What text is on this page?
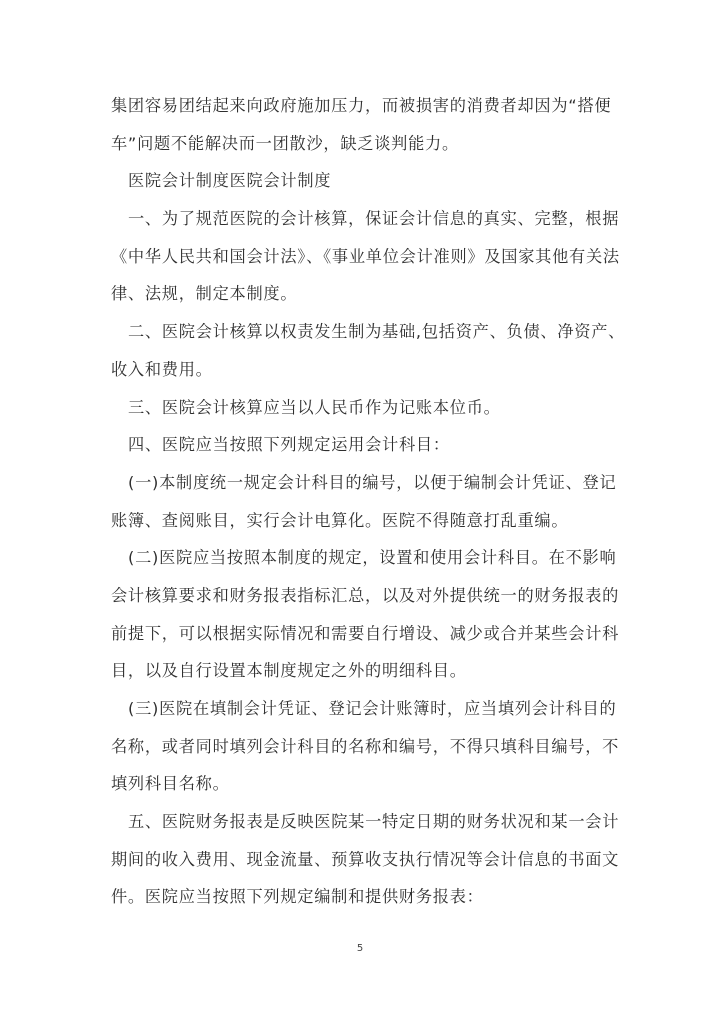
集团容易团结起来向政府施加压力，而被损害的消费者却因为“搭便
车”问题不能解决而一团散沙，缺乏谈判能力。
医院会计制度医院会计制度
一、为了规范医院的会计核算，保证会计信息的真实、完整，根据
《中华人民共和国会计法》、《事业单位会计准则》及国家其他有关法
律、法规，制定本制度。
二、医院会计核算以权责发生制为基础,包括资产、负债、净资产、
收入和费用。
三、医院会计核算应当以人民币作为记账本位币。
四、医院应当按照下列规定运用会计科目：
(一)本制度统一规定会计科目的编号，以便于编制会计凭证、登记
账簿、查阅账目，实行会计电算化。医院不得随意打乱重编。
(二)医院应当按照本制度的规定，设置和使用会计科目。在不影响
会计核算要求和财务报表指标汇总，以及对外提供统一的财务报表的
前提下，可以根据实际情况和需要自行增设、减少或合并某些会计科
目，以及自行设置本制度规定之外的明细科目。
(三)医院在填制会计凭证、登记会计账簿时，应当填列会计科目的
名称，或者同时填列会计科目的名称和编号，不得只填科目编号，不
填列科目名称。
五、医院财务报表是反映医院某一特定日期的财务状况和某一会计
期间的收入费用、现金流量、预算收支执行情况等会计信息的书面文
件。医院应当按照下列规定编制和提供财务报表：
5
